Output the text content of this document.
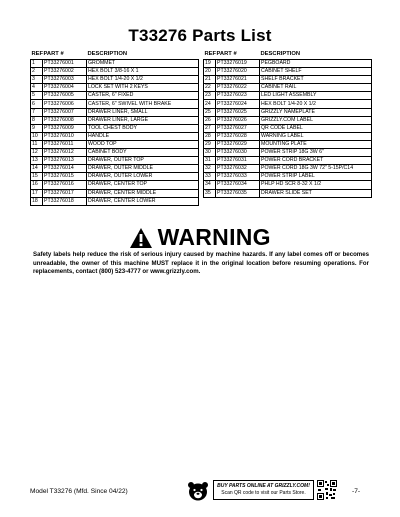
T33276 Parts List
REF	PART #	DESCRIPTION
1	PT33276001	GROMMET
2	PT33276002	HEX BOLT 3/8-16 X 1
3	PT33276003	HEX BOLT 1/4-20 X 1/2
4	PT33276004	LOCK SET WITH 2 KEYS
5	PT33276005	CASTER, 6" FIXED
6	PT33276006	CASTER, 6" SWIVEL WITH BRAKE
7	PT33276007	DRAWER LINER, SMALL
8	PT33276008	DRAWER LINER, LARGE
9	PT33276009	TOOL CHEST BODY
10	PT33276010	HANDLE
11	PT33276011	WOOD TOP
12	PT33276012	CABINET BODY
13	PT33276013	DRAWER, OUTER TOP
14	PT33276014	DRAWER, OUTER MIDDLE
15	PT33276015	DRAWER, OUTER LOWER
16	PT33276016	DRAWER, CENTER TOP
17	PT33276017	DRAWER, CENTER MIDDLE
18	PT33276018	DRAWER, CENTER LOWER
REF	PART #	DESCRIPTION
19	PT33276019	PEGBOARD
20	PT33276020	CABINET SHELF
21	PT33276021	SHELF BRACKET
22	PT33276022	CABINET RAIL
23	PT33276023	LED LIGHT ASSEMBLY
24	PT33276024	HEX BOLT 1/4-20 X 1/2
25	PT33276025	GRIZZLY NAMEPLATE
26	PT33276026	GRIZZLY.COM LABEL
27	PT33276027	QR CODE LABEL
28	PT33276028	WARNING LABEL
29	PT33276029	MOUNTING PLATE
30	PT33276030	POWER STRIP 18G 3W 6"
31	PT33276031	POWER CORD BRACKET
32	PT33276032	POWER CORD 18G 3W 72" 5-15P/C14
33	PT33276033	POWER STRIP LABEL
34	PT33276034	PHLP HD SCR 8-32 X 1/2
35	PT33276035	DRAWER SLIDE SET
WARNING
Safety labels help reduce the risk of serious injury caused by machine hazards. If any label comes off or becomes unreadable, the owner of this machine MUST replace it in the original location before resuming operations. For replacements, contact (800) 523-4777 or www.grizzly.com.
Model T33276 (Mfd. Since 04/22)
BUY PARTS ONLINE AT GRIZZLY.COM!
Scan QR code to visit our Parts Store.	-7-
